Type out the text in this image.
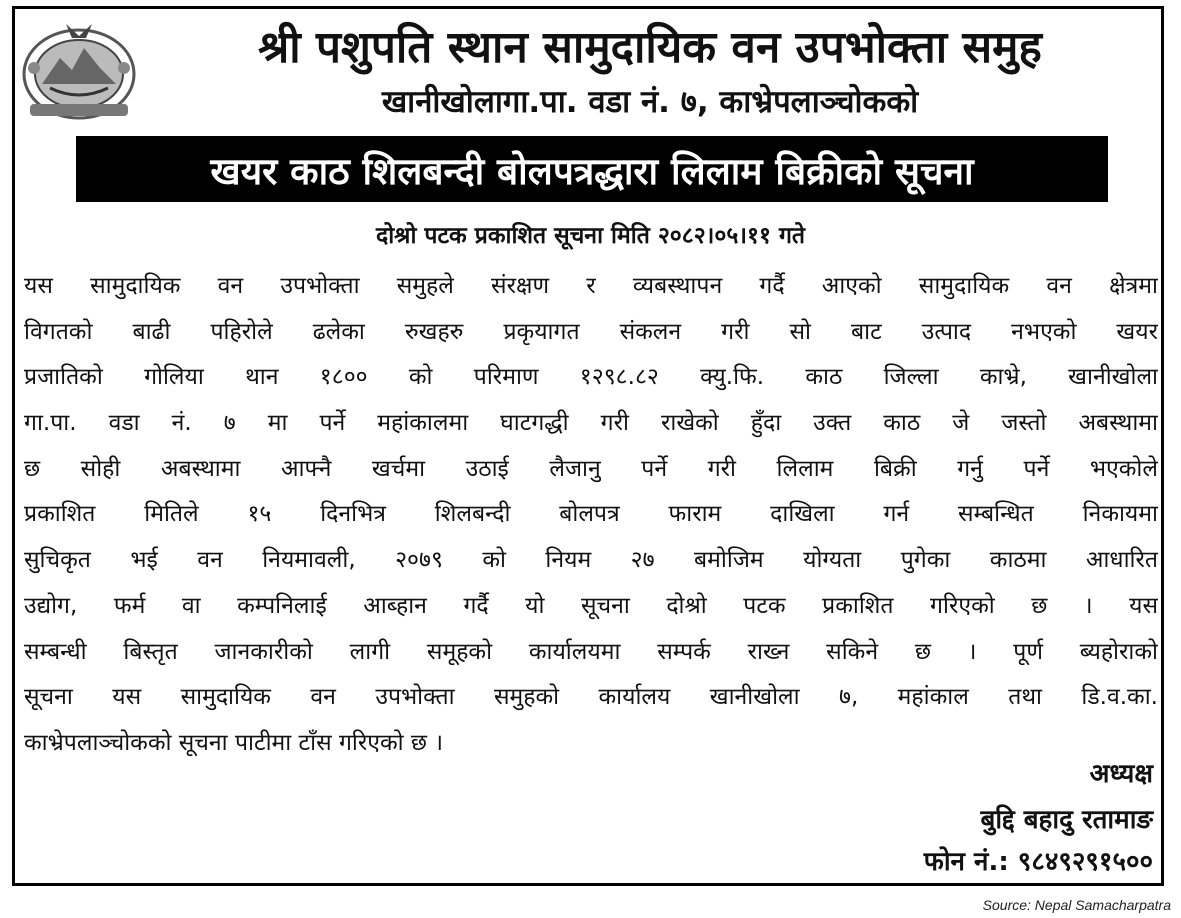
श्री पशुपति स्थान सामुदायिक वन उपभोक्ता समुह
खानीखोलागा.पा. वडा नं. ७, काभ्रेपलाञ्चोकको
खयर काठ शिलबन्दी बोलपत्रद्धारा लिलाम बिक्रीको सूचना
दोश्रो पटक प्रकाशित सूचना मिति २०८२।०५।११ गते
यस सामुदायिक वन उपभोक्ता समुहले संरक्षण र व्यबस्थापन गर्दै आएको सामुदायिक वन क्षेत्रमा
विगतको बाढी पहिरोले ढलेका रुखहरु प्रकृयागत संकलन गरी सो बाट उत्पाद नभएको खयर
प्रजातिको गोलिया थान १८०० को परिमाण १२९८.८२ क्यु.फि. काठ जिल्ला काभ्रे, खानीखोला
गा.पा. वडा नं. ७ मा पर्ने महांकालमा घाटगद्धी गरी राखेको हुँदा उक्त काठ जे जस्तो अबस्थामा
छ सोही अबस्थामा आफ्नै खर्चमा उठाई लैजानु पर्ने गरी लिलाम बिक्री गर्नु पर्ने भएकोले
प्रकाशित मितिले १५ दिनभित्र शिलबन्दी बोलपत्र फाराम दाखिला गर्न सम्बन्धित निकायमा
सुचिकृत भई वन नियमावली, २०७९ को नियम २७ बमोजिम योग्यता पुगेका काठमा आधारित
उद्योग, फर्म वा कम्पनिलाई आब्हान गर्दै यो सूचना दोश्रो पटक प्रकाशित गरिएको छ । यस
सम्बन्धी बिस्तृत जानकारीको लागी समूहको कार्यालयमा सम्पर्क राख्न सकिने छ । पूर्ण ब्यहोराको
सूचना यस सामुदायिक वन उपभोक्ता समुहको कार्यालय खानीखोला ७, महांकाल तथा डि.व.का.
काभ्रेपलाञ्चोकको सूचना पाटीमा टाँस गरिएको छ ।
अध्यक्ष
बुद्दि बहादु रतामाङ
फोन नं.: ९८४९२९१५००
Source: Nepal Samacharpatra
